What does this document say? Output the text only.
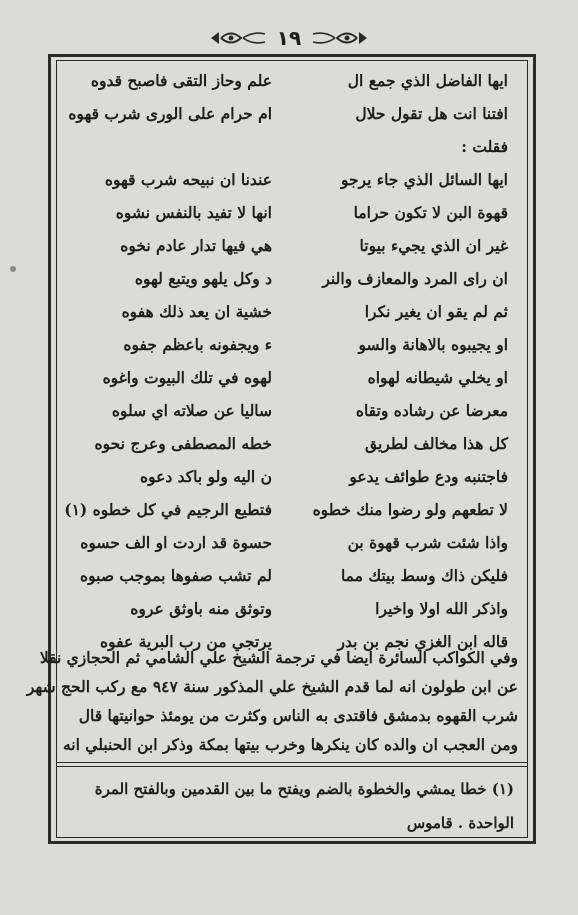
١٩
ايها الفاضل الذي جمع ال
علم وحاز التقى فاصبح قدوه
افتنا انت هل تقول حلال
ام حرام على الورى شرب قهوه
فقلت :
ايها السائل الذي جاء يرجو
عندنا ان نبيحه شرب قهوه
قهوة البن لا تكون حراما
انها لا تفيد بالنفس نشوه
غير ان الذي يجيء بيوتا
هي فيها تدار عادم نخوه
ان راى المرد والمعازف والنر
د وكل يلهو ويتبع لهوه
ثم لم يقو ان يغير نكرا
خشية ان يعد ذلك هفوه
او يجيبوه بالاهانة والسو
ء ويجفونه باعظم جفوه
او يخلي شيطانه لهواه
لهوه في تلك البيوت واغوه
معرضا عن رشاده وتقاه
ساليا عن صلاته اي سلوه
كل هذا مخالف لطريق
خطه المصطفى وعرج نحوه
فاجتنبه ودع طوائف يدعو
ن اليه ولو باكد دعوه
لا تطعهم ولو رضوا منك خطوه
فتطيع الرجيم في كل خطوه (١)
واذا شئت شرب قهوة بن
حسوة قد اردت او الف حسوه
فليكن ذاك وسط بيتك مما
لم تشب صفوها بموجب صبوه
واذكر الله اولا واخيرا
وتوثق منه باوثق عروه
قاله ابن الغزي نجم بن بدر
يرتجي من رب البرية عفوه
وفي الكواكب السائرة ايضا في ترجمة الشيخ علي الشامي ثم الحجازي نقلا
عن ابن طولون انه لما قدم الشيخ علي المذكور سنة ٩٤٧ مع ركب الحج شهر
شرب القهوه بدمشق فاقتدى به الناس وكثرت من يومئذ حوانيتها قال
ومن العجب ان والده كان ينكرها وخرب بيتها بمكة وذكر ابن الحنبلي انه
(١) خطا يمشي والخطوة بالضم ويفتح ما بين القدمين وبالفتح المرة
الواحدة . قاموس
